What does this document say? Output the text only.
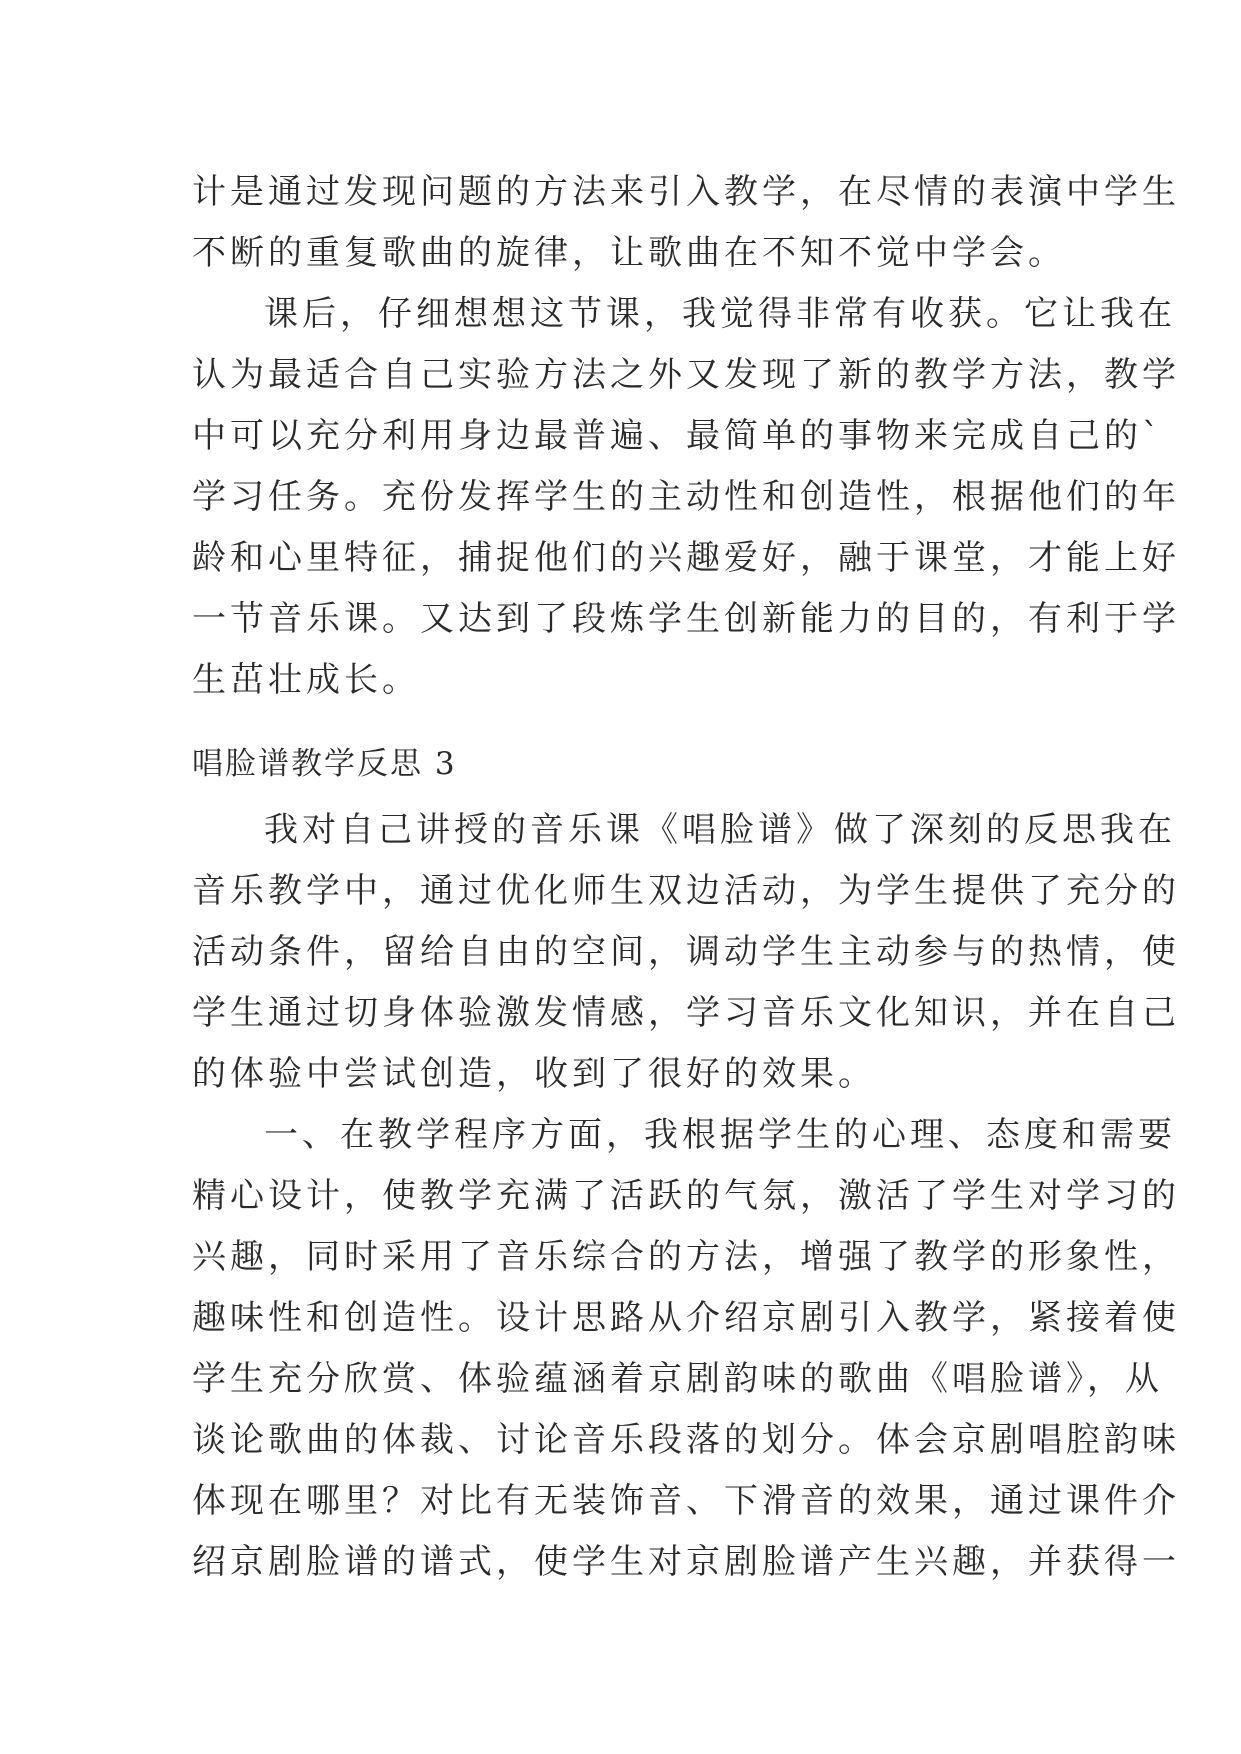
计是通过发现问题的方法来引入教学，在尽情的表演中学生
不断的重复歌曲的旋律，让歌曲在不知不觉中学会。
课后，仔细想想这节课，我觉得非常有收获。它让我在
认为最适合自己实验方法之外又发现了新的教学方法，教学
中可以充分利用身边最普遍、最简单的事物来完成自己的`
学习任务。充份发挥学生的主动性和创造性，根据他们的年
龄和心里特征，捕捉他们的兴趣爱好，融于课堂，才能上好
一节音乐课。又达到了段炼学生创新能力的目的，有利于学
生茁壮成长。
唱脸谱教学反思 3
我对自己讲授的音乐课《唱脸谱》做了深刻的反思我在
音乐教学中，通过优化师生双边活动，为学生提供了充分的
活动条件，留给自由的空间，调动学生主动参与的热情，使
学生通过切身体验激发情感，学习音乐文化知识，并在自己
的体验中尝试创造，收到了很好的效果。
一、在教学程序方面，我根据学生的心理、态度和需要
精心设计，使教学充满了活跃的气氛，激活了学生对学习的
兴趣，同时采用了音乐综合的方法，增强了教学的形象性，
趣味性和创造性。设计思路从介绍京剧引入教学，紧接着使
学生充分欣赏、体验蕴涵着京剧韵味的歌曲《唱脸谱》，从
谈论歌曲的体裁、讨论音乐段落的划分。体会京剧唱腔韵味
体现在哪里？对比有无装饰音、下滑音的效果，通过课件介
绍京剧脸谱的谱式，使学生对京剧脸谱产生兴趣，并获得一
